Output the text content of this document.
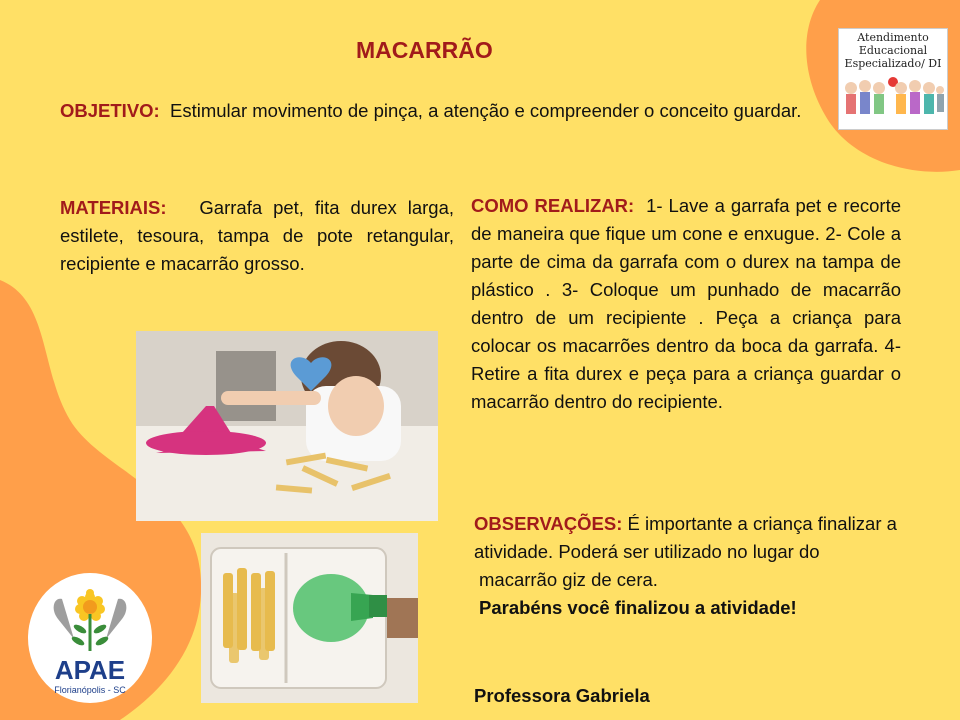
MACARRÃO
OBJETIVO: Estimular movimento de pinça, a atenção e compreender o conceito guardar.
MATERIAIS: Garrafa pet, fita durex larga, estilete, tesoura, tampa de pote retangular, recipiente e macarrão grosso.
COMO REALIZAR: 1- Lave a garrafa pet e recorte de maneira que fique um cone e enxugue. 2- Cole a parte de cima da garrafa com o durex na tampa de plástico . 3- Coloque um punhado de macarrão dentro de um recipiente . Peça a criança para colocar os macarrões dentro da boca da garrafa. 4- Retire a fita durex e peça para a criança guardar o macarrão dentro do recipiente.
OBSERVAÇÕES: É importante a criança finalizar a
atividade. Poderá ser utilizado no lugar do
macarrão giz de cera.
Parabéns você finalizou a atividade!
Professora Gabriela
Atendimento
Educacional
Especializado/ DI
APAE
Florianópolis - SC
